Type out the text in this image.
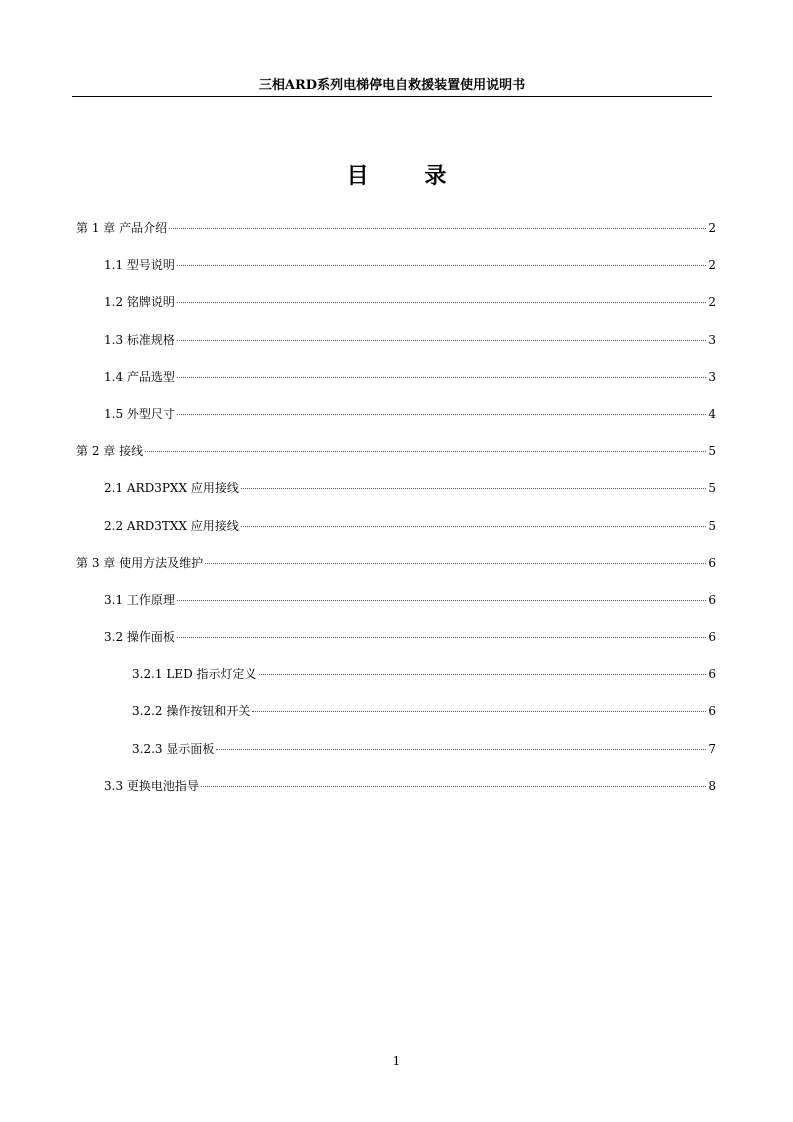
三相ARD系列电梯停电自救援装置使用说明书
目 录
第 1 章 产品介绍	2
1.1 型号说明	2
1.2 铭牌说明	2
1.3 标准规格	3
1.4 产品选型	3
1.5 外型尺寸	4
第 2 章 接线	5
2.1 ARD3PXX 应用接线	5
2.2 ARD3TXX 应用接线	5
第 3 章 使用方法及维护	6
3.1 工作原理	6
3.2 操作面板	6
3.2.1 LED 指示灯定义	6
3.2.2 操作按钮和开关	6
3.2.3 显示面板	7
3.3 更换电池指导	8
1
